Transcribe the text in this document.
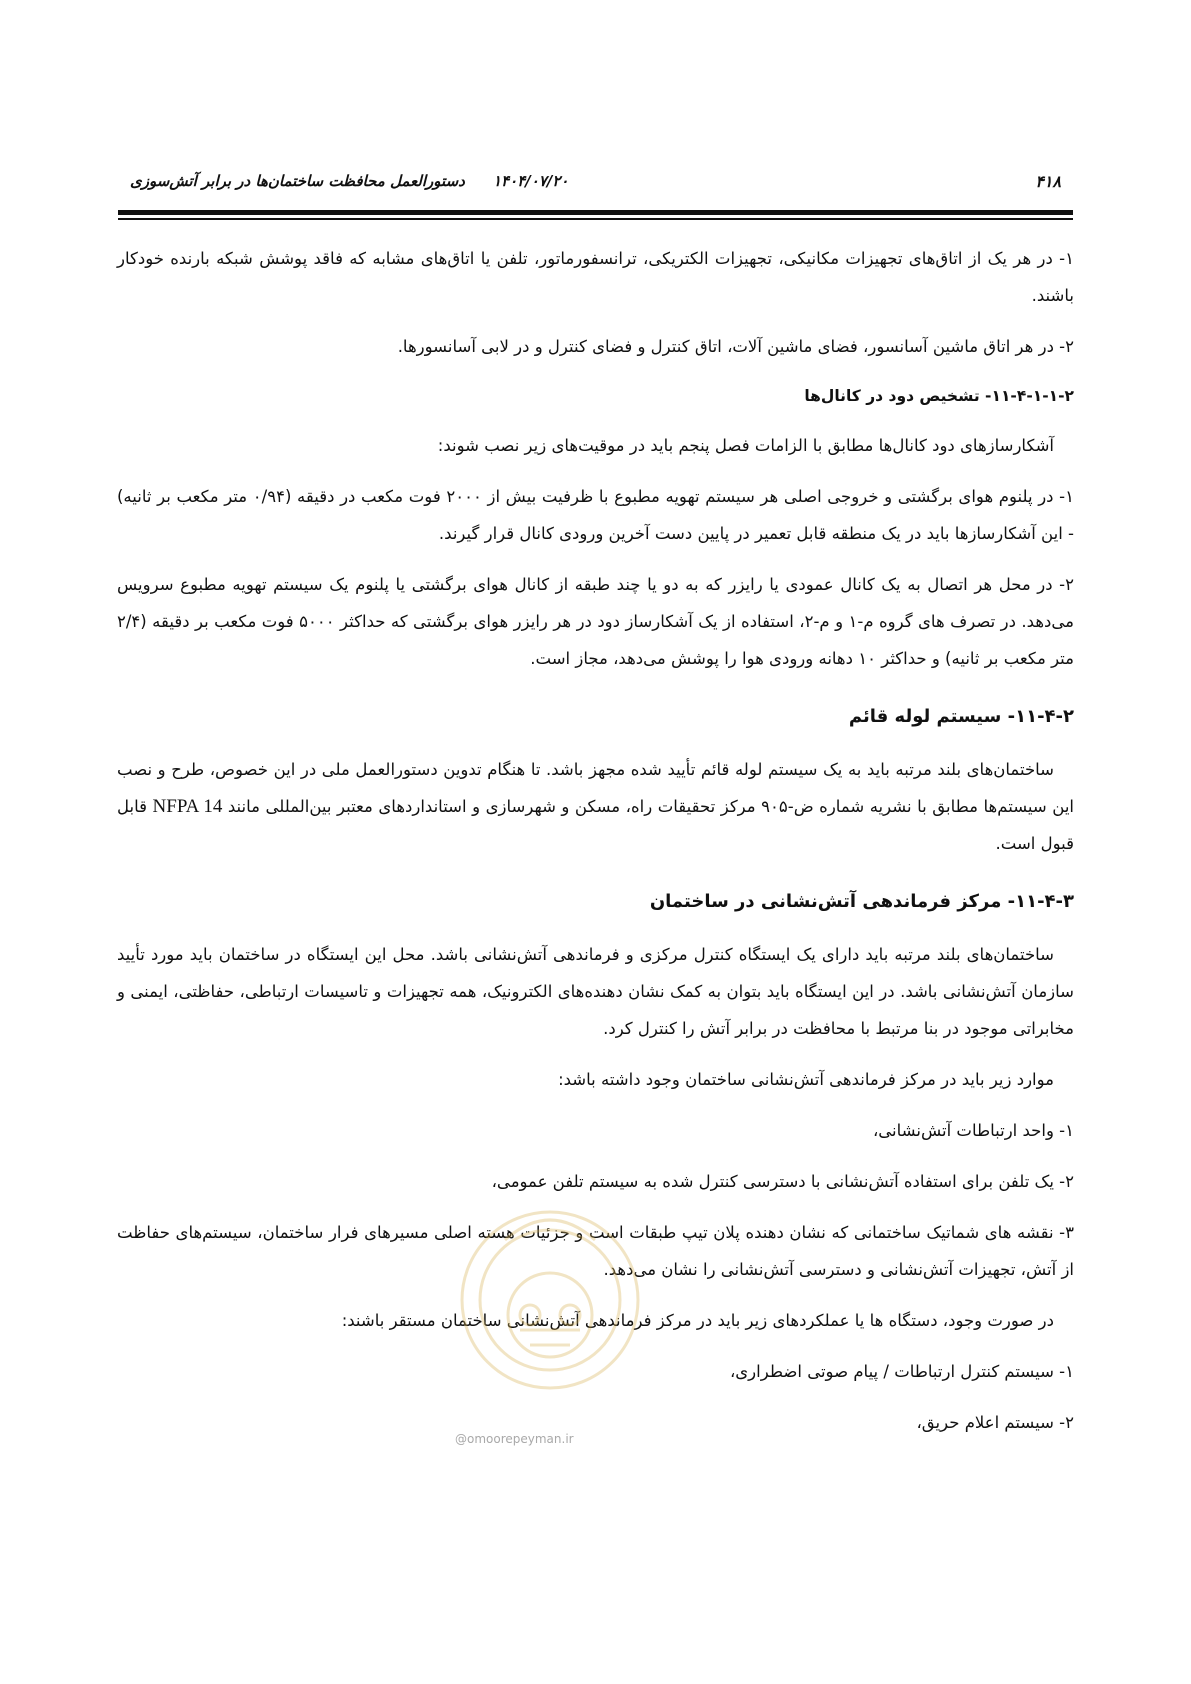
دستورالعمل محافظت ساختمان‌ها در برابر آتش‌سوزی ۱۴۰۴/۰۷/۲۰	۴۱۸

۱- در هر یک از اتاق‌های تجهیزات مکانیکی، تجهیزات الکتریکی، ترانسفورماتور، تلفن یا اتاق‌های مشابه که فاقد پوشش شبکه بارنده خودکار باشند.

۲- در هر اتاق ماشین آسانسور، فضای ماشین آلات، اتاق کنترل و فضای کنترل و در لابی آسانسورها.

۱۱-۴-۱-۱-۲- تشخیص دود در کانال‌ها

آشکارسازهای دود کانال‌ها مطابق با الزامات فصل پنجم باید در موقیت‌های زیر نصب شوند:

۱- در پلنوم هوای برگشتی و خروجی اصلی هر سیستم تهویه مطبوع با ظرفیت بیش از ۲۰۰۰ فوت مکعب در دقیقه (۰/۹۴ متر مکعب بر ثانیه) - این آشکارسازها باید در یک منطقه قابل تعمیر در پایین دست آخرین ورودی کانال قرار گیرند.

۲- در محل هر اتصال به یک کانال عمودی یا رایزر که به دو یا چند طبقه از کانال هوای برگشتی یا پلنوم یک سیستم تهویه مطبوع سرویس می‌دهد. در تصرف های گروه م-۱ و م-۲، استفاده از یک آشکارساز دود در هر رایزر هوای برگشتی که حداکثر ۵۰۰۰ فوت مکعب بر دقیقه (۲/۴ متر مکعب بر ثانیه) و حداکثر ۱۰ دهانه ورودی هوا را پوشش می‌دهد، مجاز است.

۱۱-۴-۲- سیستم لوله قائم

ساختمان‌های بلند مرتبه باید به یک سیستم لوله قائم تأیید شده مجهز باشد. تا هنگام تدوین دستورالعمل ملی در این خصوص، طرح و نصب این سیستم‌ها مطابق با نشریه شماره ض-۹۰۵ مرکز تحقیقات راه، مسکن و شهرسازی و استانداردهای معتبر بین‌المللی مانند NFPA 14 قابل قبول است.

۱۱-۴-۳- مرکز فرماندهی آتش‌نشانی در ساختمان

ساختمان‌های بلند مرتبه باید دارای یک ایستگاه کنترل مرکزی و فرماندهی آتش‌نشانی باشد. محل این ایستگاه در ساختمان باید مورد تأیید سازمان آتش‌نشانی باشد. در این ایستگاه باید بتوان به کمک نشان دهنده‌های الکترونیک، همه تجهیزات و تاسیسات ارتباطی، حفاظتی، ایمنی و مخابراتی موجود در بنا مرتبط با محافظت در برابر آتش را کنترل کرد.

موارد زیر باید در مرکز فرماندهی آتش‌نشانی ساختمان وجود داشته باشد:

۱- واحد ارتباطات آتش‌نشانی،

۲- یک تلفن برای استفاده آتش‌نشانی با دسترسی کنترل شده به سیستم تلفن عمومی،

۳- نقشه های شماتیک ساختمانی که نشان دهنده پلان تیپ طبقات است و جزئیات هسته اصلی مسیرهای فرار ساختمان، سیستم‌های حفاظت از آتش، تجهیزات آتش‌نشانی و دسترسی آتش‌نشانی را نشان می‌دهد.

در صورت وجود، دستگاه ها یا عملکردهای زیر باید در مرکز فرماندهی آتش‌نشانی ساختمان مستقر باشند:

۱- سیستم کنترل ارتباطات / پیام صوتی اضطراری،

۲- سیستم اعلام حریق،

@omoorepeyman.ir
